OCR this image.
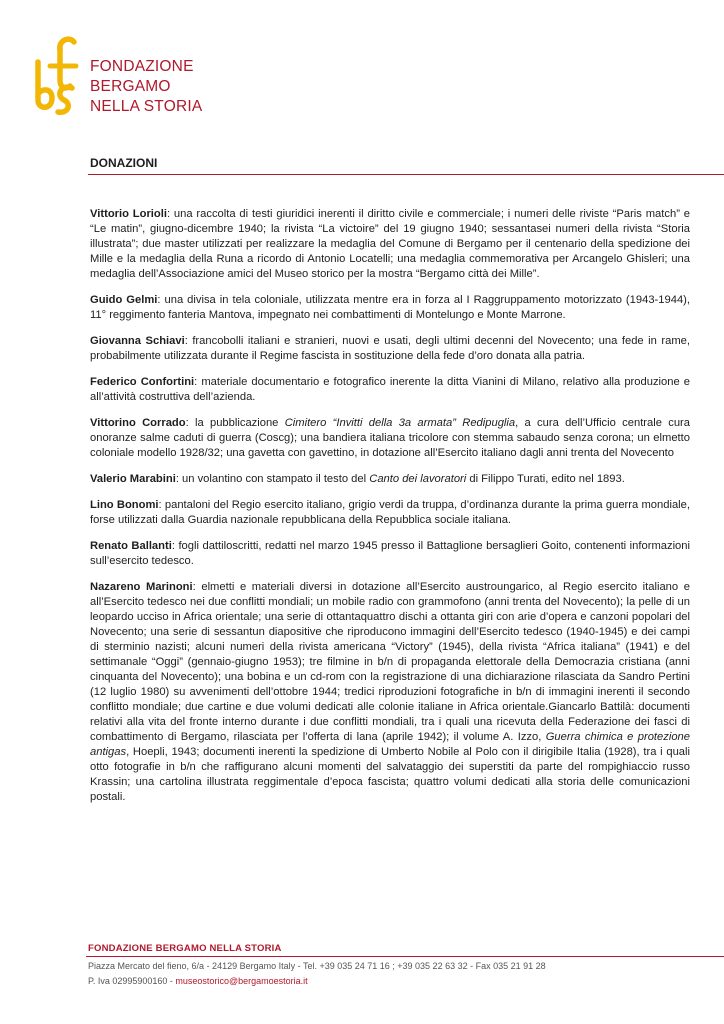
FONDAZIONE
BERGAMO
NELLA STORIA
DONAZIONI

Vittorio Lorioli: una raccolta di testi giuridici inerenti il diritto civile e commerciale; i numeri delle riviste “Paris match” e “Le matin”, giugno-dicembre 1940; la rivista “La victoire” del 19 giugno 1940; sessantasei numeri della rivista “Storia illustrata”; due master utilizzati per realizzare la medaglia del Comune di Bergamo per il centenario della spedizione dei Mille e la medaglia della Runa a ricordo di Antonio Locatelli; una medaglia commemorativa per Arcangelo Ghisleri; una medaglia dell’Associazione amici del Museo storico per la mostra “Bergamo città dei Mille”.

Guido Gelmi: una divisa in tela coloniale, utilizzata mentre era in forza al I Raggruppamento motorizzato (1943-1944), 11° reggimento fanteria Mantova, impegnato nei combattimenti di Montelungo e Monte Marrone.

Giovanna Schiavi: francobolli italiani e stranieri, nuovi e usati, degli ultimi decenni del Novecento; una fede in rame, probabilmente utilizzata durante il Regime fascista in sostituzione della fede d’oro donata alla patria.

Federico Confortini: materiale documentario e fotografico inerente la ditta Vianini di Milano, relativo alla produzione e all’attività costruttiva dell’azienda.

Vittorino Corrado: la pubblicazione Cimitero “Invitti della 3a armata” Redipuglia, a cura dell’Ufficio centrale cura onoranze salme caduti di guerra (Coscg); una bandiera italiana tricolore con stemma sabaudo senza corona; un elmetto coloniale modello 1928/32; una gavetta con gavettino, in dotazione all’Esercito italiano dagli anni trenta del Novecento

Valerio Marabini: un volantino con stampato il testo del Canto dei lavoratori di Filippo Turati, edito nel 1893.

Lino Bonomi: pantaloni del Regio esercito italiano, grigio verdi da truppa, d’ordinanza durante la prima guerra mondiale, forse utilizzati dalla Guardia nazionale repubblicana della Repubblica sociale italiana.

Renato Ballanti: fogli dattiloscritti, redatti nel marzo 1945 presso il Battaglione bersaglieri Goito, contenenti informazioni sull’esercito tedesco.

Nazareno Marinoni: elmetti e materiali diversi in dotazione all’Esercito austroungarico, al Regio esercito italiano e all’Esercito tedesco nei due conflitti mondiali; un mobile radio con grammofono (anni trenta del Novecento); la pelle di un leopardo ucciso in Africa orientale; una serie di ottantaquattro dischi a ottanta giri con arie d’opera e canzoni popolari del Novecento; una serie di sessantun diapositive che riproducono immagini dell’Esercito tedesco (1940-1945) e dei campi di sterminio nazisti; alcuni numeri della rivista americana “Victory” (1945), della rivista “Africa italiana” (1941) e del settimanale “Oggi” (gennaio-giugno 1953); tre filmine in b/n di propaganda elettorale della Democrazia cristiana (anni cinquanta del Novecento); una bobina e un cd-rom con la registrazione di una dichiarazione rilasciata da Sandro Pertini (12 luglio 1980) su avvenimenti dell’ottobre 1944; tredici riproduzioni fotografiche in b/n di immagini inerenti il secondo conflitto mondiale; due cartine e due volumi dedicati alle colonie italiane in Africa orientale.Giancarlo Battilà: documenti relativi alla vita del fronte interno durante i due conflitti mondiali, tra i quali una ricevuta della Federazione dei fasci di combattimento di Bergamo, rilasciata per l’offerta di lana (aprile 1942); il volume A. Izzo, Guerra chimica e protezione antigas, Hoepli, 1943; documenti inerenti la spedizione di Umberto Nobile al Polo con il dirigibile Italia (1928), tra i quali otto fotografie in b/n che raffigurano alcuni momenti del salvataggio dei superstiti da parte del rompighiaccio russo Krassin; una cartolina illustrata reggimentale d’epoca fascista; quattro volumi dedicati alla storia delle comunicazioni postali.

FONDAZIONE BERGAMO NELLA STORIA
Piazza Mercato del fieno, 6/a - 24129 Bergamo Italy - Tel. +39 035 24 71 16 ; +39 035 22 63 32 - Fax 035 21 91 28
P. Iva 02995900160 - museostorico@bergamoestoria.it
